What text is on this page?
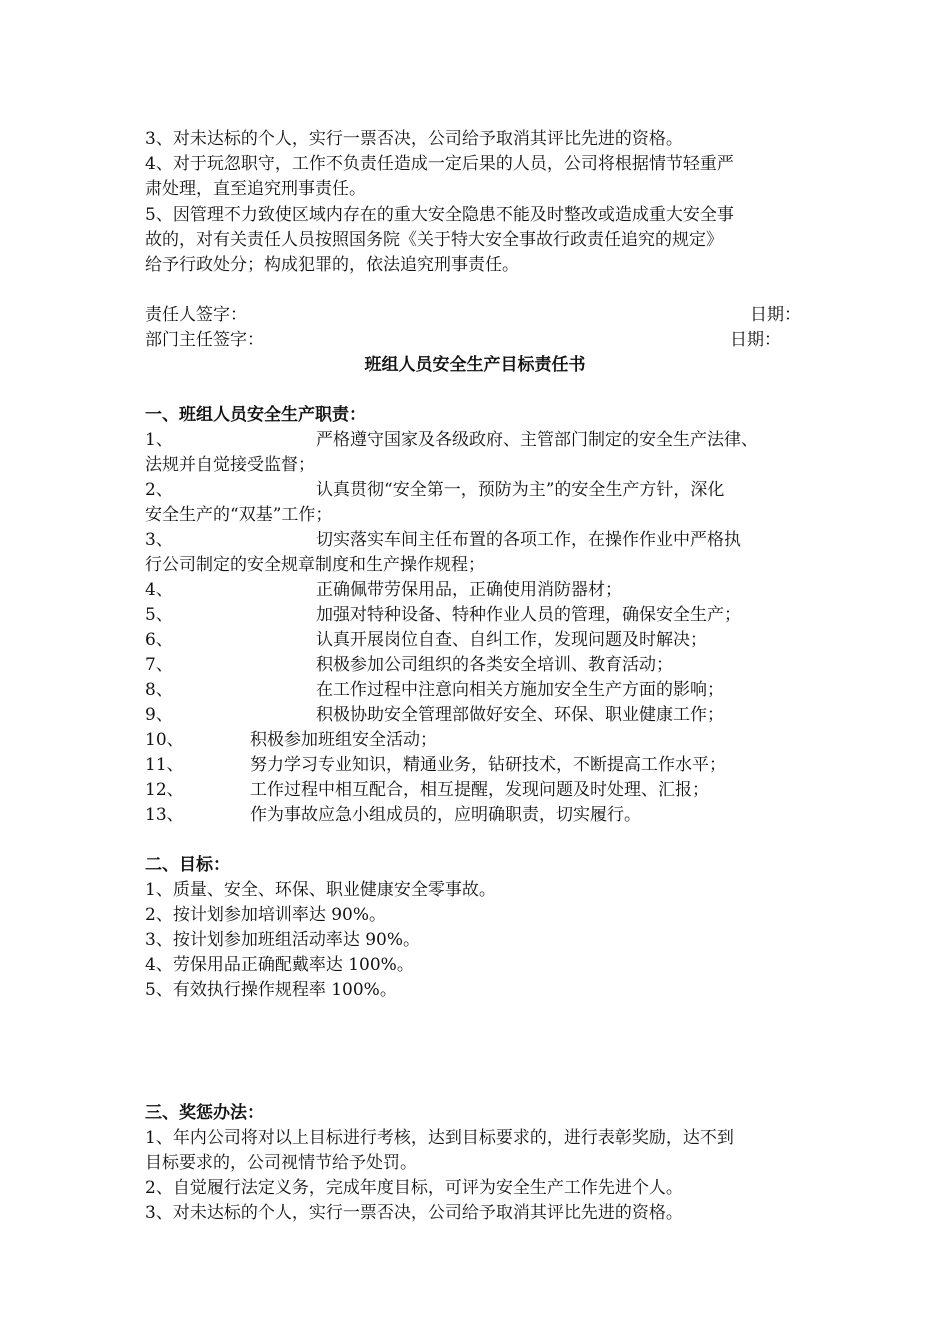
3、对未达标的个人，实行一票否决，公司给予取消其评比先进的资格。
4、对于玩忽职守，工作不负责任造成一定后果的人员，公司将根据情节轻重严
肃处理，直至追究刑事责任。
5、因管理不力致使区域内存在的重大安全隐患不能及时整改或造成重大安全事
故的，对有关责任人员按照国务院《关于特大安全事故行政责任追究的规定》
给予行政处分；构成犯罪的，依法追究刑事责任。
责任人签字：	日期：
部门主任签字：	日期：
班组人员安全生产目标责任书
一、班组人员安全生产职责：
1、	严格遵守国家及各级政府、主管部门制定的安全生产法律、
法规并自觉接受监督；
2、	认真贯彻“安全第一，预防为主”的安全生产方针，深化
安全生产的“双基”工作；
3、	切实落实车间主任布置的各项工作，在操作作业中严格执
行公司制定的安全规章制度和生产操作规程；
4、	正确佩带劳保用品，正确使用消防器材；
5、	加强对特种设备、特种作业人员的管理，确保安全生产；
6、	认真开展岗位自查、自纠工作，发现问题及时解决；
7、	积极参加公司组织的各类安全培训、教育活动；
8、	在工作过程中注意向相关方施加安全生产方面的影响；
9、	积极协助安全管理部做好安全、环保、职业健康工作；
10、	积极参加班组安全活动；
11、	努力学习专业知识，精通业务，钻研技术，不断提高工作水平；
12、	工作过程中相互配合，相互提醒，发现问题及时处理、汇报；
13、	作为事故应急小组成员的，应明确职责，切实履行。
二、目标：
1、质量、安全、环保、职业健康安全零事故。
2、按计划参加培训率达 90%。
3、按计划参加班组活动率达 90%。
4、劳保用品正确配戴率达 100%。
5、有效执行操作规程率 100%。
三、奖惩办法：
1、年内公司将对以上目标进行考核，达到目标要求的，进行表彰奖励，达不到
目标要求的，公司视情节给予处罚。
2、自觉履行法定义务，完成年度目标，可评为安全生产工作先进个人。
3、对未达标的个人，实行一票否决，公司给予取消其评比先进的资格。
